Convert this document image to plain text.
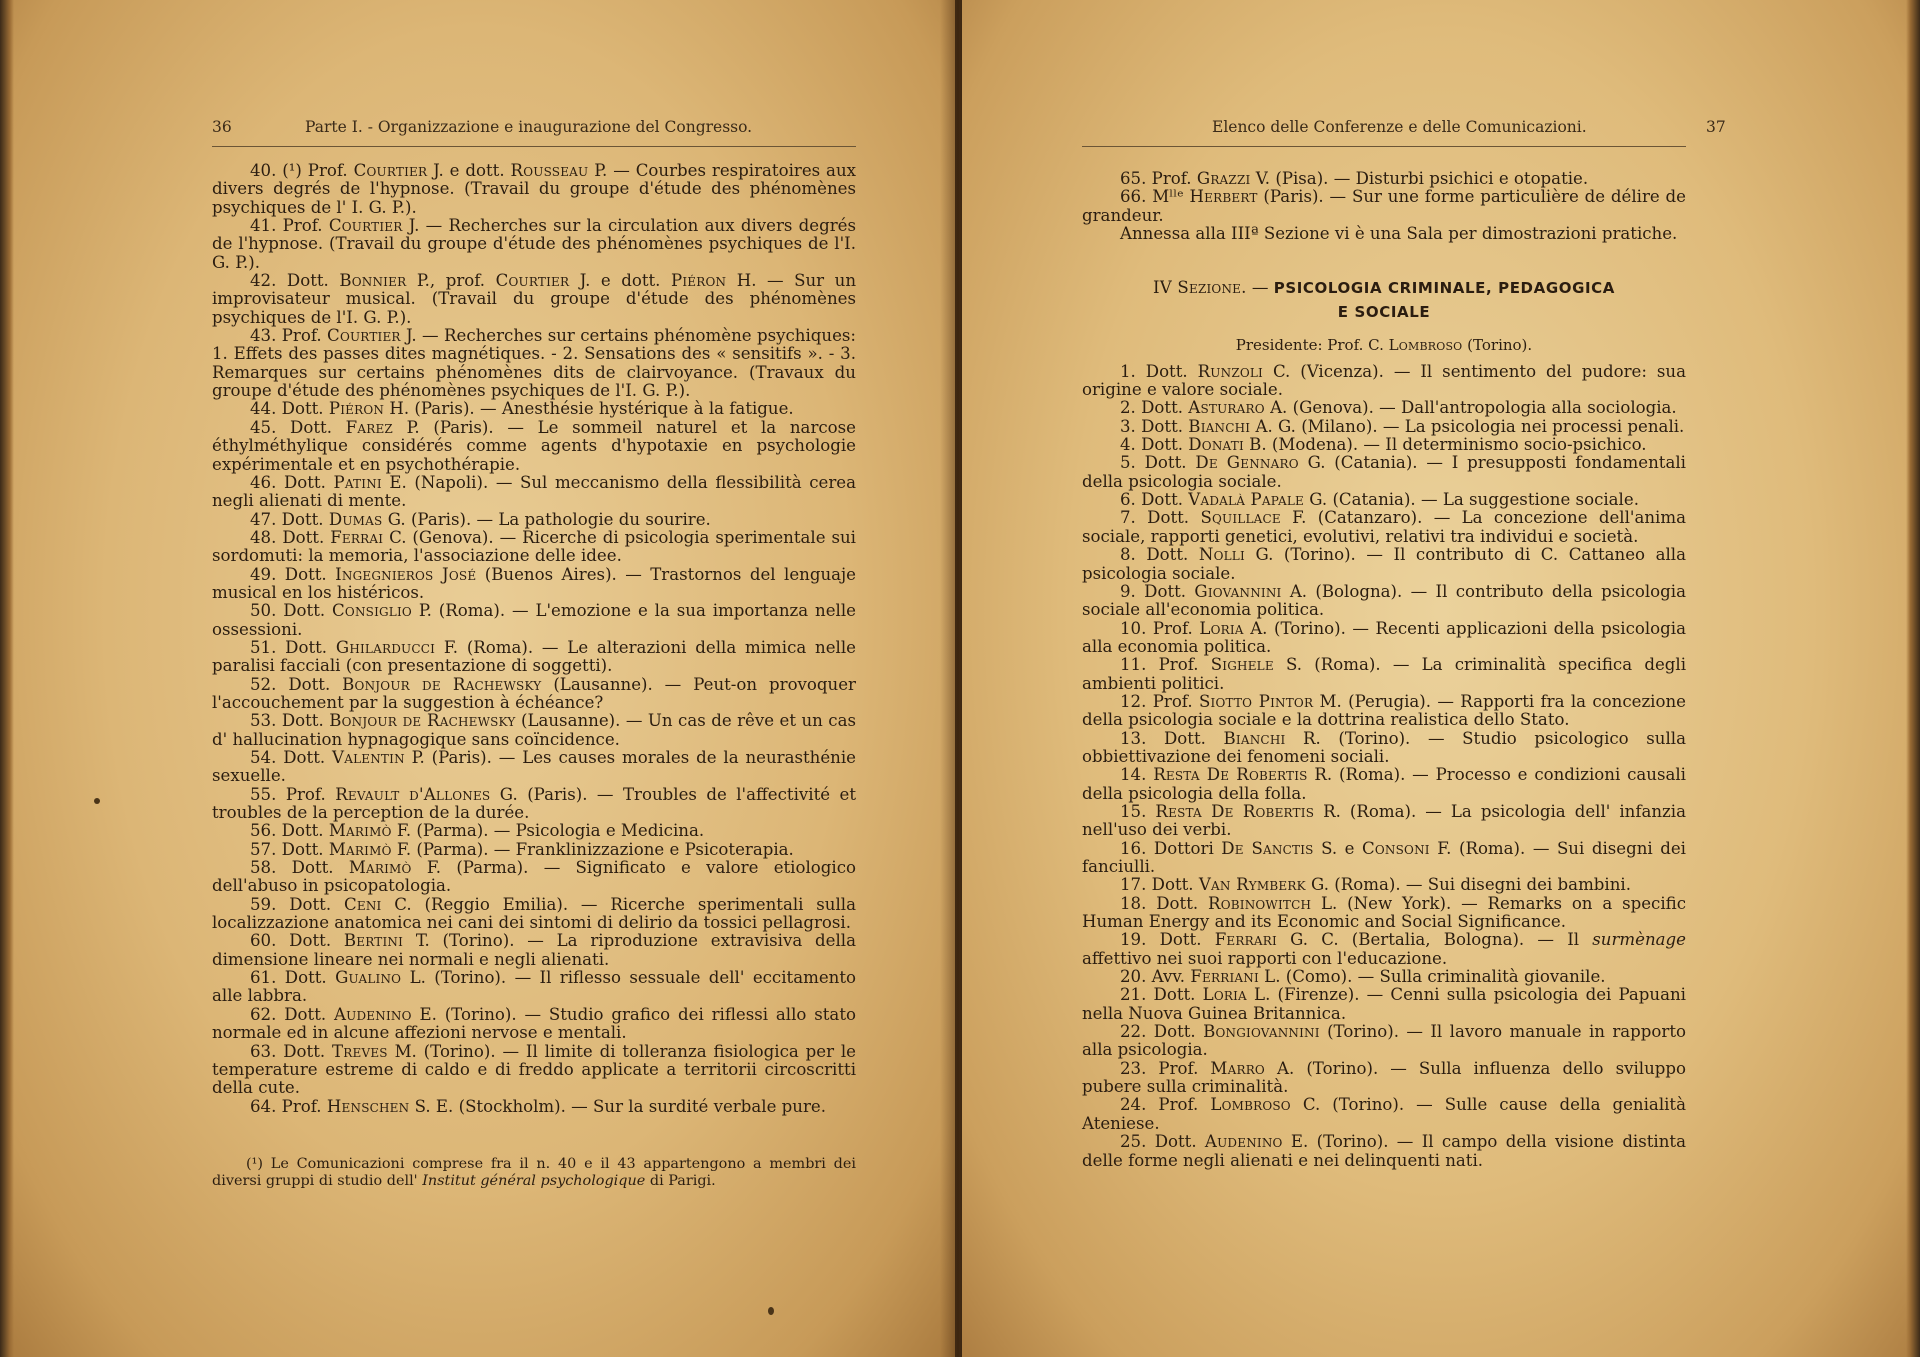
36	Parte I. - Organizzazione e inaugurazione del Congresso.

40. (¹) Prof. Courtier J. e dott. Rousseau P. — Courbes respiratoires aux divers degrés de l'hypnose. (Travail du groupe d'étude des phénomènes psychiques de l' I. G. P.).

41. Prof. Courtier J. — Recherches sur la circulation aux divers degrés de l'hypnose. (Travail du groupe d'étude des phénomènes psychiques de l'I. G. P.).

42. Dott. Bonnier P., prof. Courtier J. e dott. Piéron H. — Sur un improvisateur musical. (Travail du groupe d'étude des phénomènes psychiques de l'I. G. P.).

43. Prof. Courtier J. — Recherches sur certains phénomène psychiques: 1. Effets des passes dites magnétiques. - 2. Sensations des « sensitifs ». - 3. Remarques sur certains phénomènes dits de clairvoyance. (Travaux du groupe d'étude des phénomènes psychiques de l'I. G. P.).

44. Dott. Piéron H. (Paris). — Anesthésie hystérique à la fatigue.

45. Dott. Farez P. (Paris). — Le sommeil naturel et la narcose éthylméthylique considérés comme agents d'hypotaxie en psychologie expérimentale et en psychothérapie.

46. Dott. Patini E. (Napoli). — Sul meccanismo della flessibilità cerea negli alienati di mente.

47. Dott. Dumas G. (Paris). — La pathologie du sourire.

48. Dott. Ferrai C. (Genova). — Ricerche di psicologia sperimentale sui sordomuti: la memoria, l'associazione delle idee.

49. Dott. Ingegnieros José (Buenos Aires). — Trastornos del lenguaje musical en los histéricos.

50. Dott. Consiglio P. (Roma). — L'emozione e la sua importanza nelle ossessioni.

51. Dott. Ghilarducci F. (Roma). — Le alterazioni della mimica nelle paralisi facciali (con presentazione di soggetti).

52. Dott. Bonjour de Rachewsky (Lausanne). — Peut-on provoquer l'accouchement par la suggestion à échéance?

53. Dott. Bonjour de Rachewsky (Lausanne). — Un cas de rêve et un cas d' hallucination hypnagogique sans coïncidence.

54. Dott. Valentin P. (Paris). — Les causes morales de la neurasthénie sexuelle.

55. Prof. Revault d'Allones G. (Paris). — Troubles de l'affectivité et troubles de la perception de la durée.

56. Dott. Marimò F. (Parma). — Psicologia e Medicina.

57. Dott. Marimò F. (Parma). — Franklinizzazione e Psicoterapia.

58. Dott. Marimò F. (Parma). — Significato e valore etiologico dell'abuso in psicopatologia.

59. Dott. Ceni C. (Reggio Emilia). — Ricerche sperimentali sulla localizzazione anatomica nei cani dei sintomi di delirio da tossici pellagrosi.

60. Dott. Bertini T. (Torino). — La riproduzione extravisiva della dimensione lineare nei normali e negli alienati.

61. Dott. Gualino L. (Torino). — Il riflesso sessuale dell' eccitamento alle labbra.

62. Dott. Audenino E. (Torino). — Studio grafico dei riflessi allo stato normale ed in alcune affezioni nervose e mentali.

63. Dott. Treves M. (Torino). — Il limite di tolleranza fisiologica per le temperature estreme di caldo e di freddo applicate a territorii circoscritti della cute.

64. Prof. Henschen S. E. (Stockholm). — Sur la surdité verbale pure.

(¹) Le Comunicazioni comprese fra il n. 40 e il 43 appartengono a membri dei diversi gruppi di studio dell' Institut général psychologique di Parigi.

Elenco delle Conferenze e delle Comunicazioni.	37

65. Prof. Grazzi V. (Pisa). — Disturbi psichici e otopatie.

66. Mˡˡᵉ Herbert (Paris). — Sur une forme particulière de délire de grandeur.

Annessa alla IIIª Sezione vi è una Sala per dimostrazioni pratiche.

IV Sezione. — PSICOLOGIA CRIMINALE, PEDAGOGICA
E SOCIALE
Presidente: Prof. C. Lombroso (Torino).

1. Dott. Runzoli C. (Vicenza). — Il sentimento del pudore: sua origine e valore sociale.

2. Dott. Asturaro A. (Genova). — Dall'antropologia alla sociologia.

3. Dott. Bianchi A. G. (Milano). — La psicologia nei processi penali.

4. Dott. Donati B. (Modena). — Il determinismo socio-psichico.

5. Dott. De Gennaro G. (Catania). — I presupposti fondamentali della psicologia sociale.

6. Dott. Vadalà Papale G. (Catania). — La suggestione sociale.

7. Dott. Squillace F. (Catanzaro). — La concezione dell'anima sociale, rapporti genetici, evolutivi, relativi tra individui e società.

8. Dott. Nolli G. (Torino). — Il contributo di C. Cattaneo alla psicologia sociale.

9. Dott. Giovannini A. (Bologna). — Il contributo della psicologia sociale all'economia politica.

10. Prof. Loria A. (Torino). — Recenti applicazioni della psicologia alla economia politica.

11. Prof. Sighele S. (Roma). — La criminalità specifica degli ambienti politici.

12. Prof. Siotto Pintor M. (Perugia). — Rapporti fra la concezione della psicologia sociale e la dottrina realistica dello Stato.

13. Dott. Bianchi R. (Torino). — Studio psicologico sulla obbiettivazione dei fenomeni sociali.

14. Resta De Robertis R. (Roma). — Processo e condizioni causali della psicologia della folla.

15. Resta De Robertis R. (Roma). — La psicologia dell' infanzia nell'uso dei verbi.

16. Dottori De Sanctis S. e Consoni F. (Roma). — Sui disegni dei fanciulli.

17. Dott. Van Rymberk G. (Roma). — Sui disegni dei bambini.

18. Dott. Robinowitch L. (New York). — Remarks on a specific Human Energy and its Economic and Social Significance.

19. Dott. Ferrari G. C. (Bertalia, Bologna). — Il surmènage affettivo nei suoi rapporti con l'educazione.

20. Avv. Ferriani L. (Como). — Sulla criminalità giovanile.

21. Dott. Loria L. (Firenze). — Cenni sulla psicologia dei Papuani nella Nuova Guinea Britannica.

22. Dott. Bongiovannini (Torino). — Il lavoro manuale in rapporto alla psicologia.

23. Prof. Marro A. (Torino). — Sulla influenza dello sviluppo pubere sulla criminalità.

24. Prof. Lombroso C. (Torino). — Sulle cause della genialità Ateniese.

25. Dott. Audenino E. (Torino). — Il campo della visione distinta delle forme negli alienati e nei delinquenti nati.
